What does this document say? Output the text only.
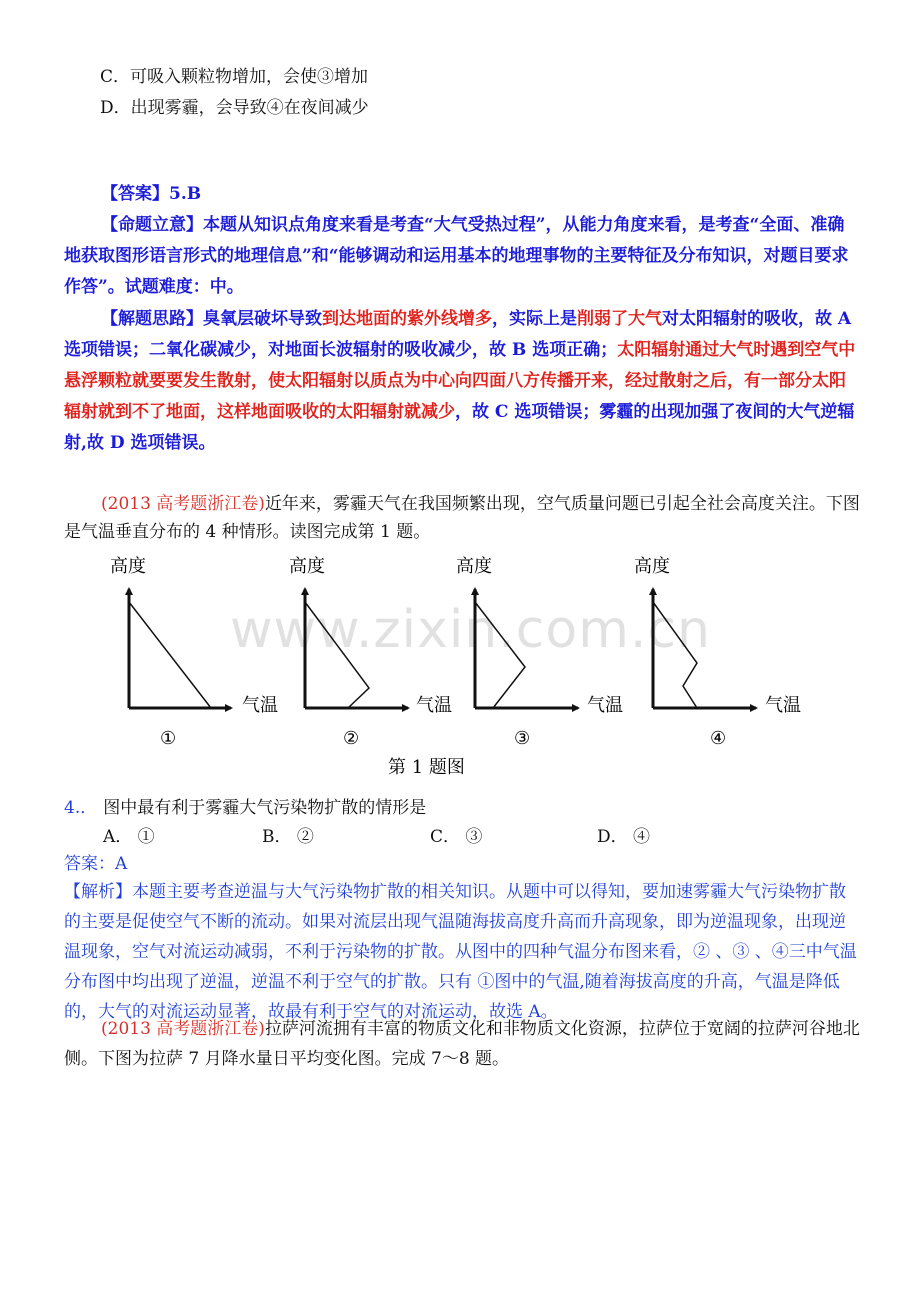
C．可吸入颗粒物增加，会使③增加
D．出现雾霾，会导致④在夜间减少
【答案】5.B
【命题立意】本题从知识点角度来看是考查“大气受热过程”，从能力角度来看，是考查“全面、准确地获取图形语言形式的地理信息”和“能够调动和运用基本的地理事物的主要特征及分布知识，对题目要求作答”。试题难度：中。
【解题思路】臭氧层破坏导致到达地面的紫外线增多，实际上是削弱了大气对太阳辐射的吸收，故 A 选项错误；二氧化碳减少，对地面长波辐射的吸收减少，故 B 选项正确；太阳辐射通过大气时遇到空气中悬浮颗粒就要要发生散射，使太阳辐射以质点为中心向四面八方传播开来，经过散射之后，有一部分太阳辐射就到不了地面，这样地面吸收的太阳辐射就减少，故 C 选项错误；雾霾的出现加强了夜间的大气逆辐射,故 D 选项错误。
(2013 高考题浙江卷)近年来，雾霾天气在我国频繁出现，空气质量问题已引起全社会高度关注。下图是气温垂直分布的 4 种情形。读图完成第 1 题。
www.zixin.com.cn
高度
气温
①
高度
气温
②
高度
气温
③
高度
气温
④
第 1 题图
4.． 图中最有利于雾霾大气污染物扩散的情形是
A． ①	B． ②	C． ③	D． ④
答案：A
【解析】本题主要考查逆温与大气污染物扩散的相关知识。从题中可以得知，要加速雾霾大气污染物扩散的主要是促使空气不断的流动。如果对流层出现气温随海拔高度升高而升高现象，即为逆温现象，出现逆温现象，空气对流运动减弱，不利于污染物的扩散。从图中的四种气温分布图来看，② 、③ 、④三中气温分布图中均出现了逆温，逆温不利于空气的扩散。只有 ①图中的气温,随着海拔高度的升高，气温是降低的，大气的对流运动显著，故最有利于空气的对流运动，故选 A。
(2013 高考题浙江卷)拉萨河流拥有丰富的物质文化和非物质文化资源，拉萨位于宽阔的拉萨河谷地北侧。下图为拉萨 7 月降水量日平均变化图。完成 7～8 题。
